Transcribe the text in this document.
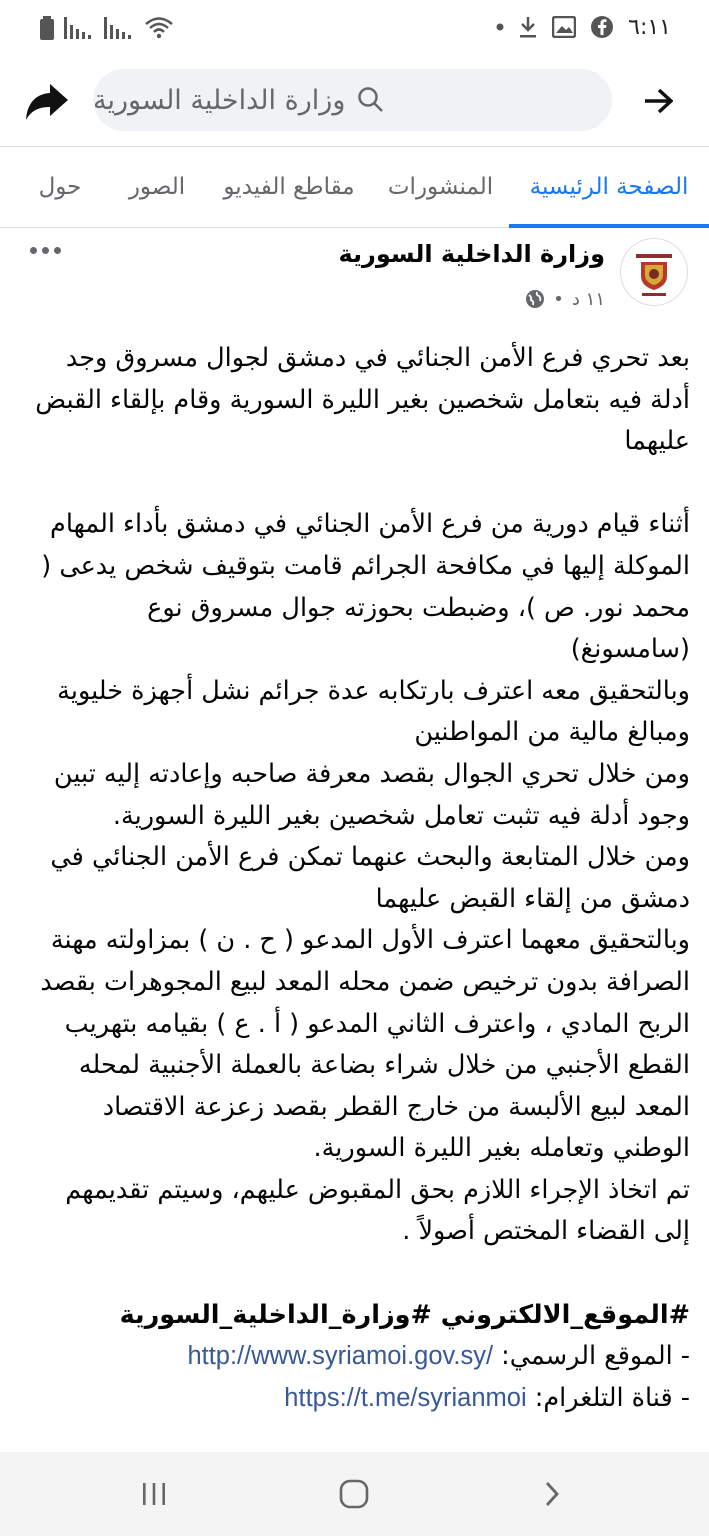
٦:١١
وزارة الداخلية السورية
الصفحة الرئيسية
المنشورات
مقاطع الفيديو
الصور
حول
وزارة الداخلية السورية
١١ د
•

بعد تحري فرع الأمن الجنائي في دمشق لجوال مسروق وجد أدلة فيه بتعامل شخصين بغير الليرة السورية وقام بإلقاء القبض عليهما

أثناء قيام دورية من فرع الأمن الجنائي في دمشق بأداء المهام الموكلة إليها في مكافحة الجرائم قامت بتوقيف شخص يدعى ( محمد نور. ص )، وضبطت بحوزته جوال مسروق نوع (سامسونغ)

وبالتحقيق معه اعترف بارتكابه عدة جرائم نشل أجهزة خليوية ومبالغ مالية من المواطنين

ومن خلال تحري الجوال بقصد معرفة صاحبه وإعادته إليه تبين وجود أدلة فيه تثبت تعامل شخصين بغير الليرة السورية.

ومن خلال المتابعة والبحث عنهما تمكن فرع الأمن الجنائي في دمشق من إلقاء القبض عليهما

وبالتحقيق معهما اعترف الأول المدعو ( ح . ن ) بمزاولته مهنة الصرافة بدون ترخيص ضمن محله المعد لبيع المجوهرات بقصد الربح المادي ، واعترف الثاني المدعو ( أ . ع ) بقيامه بتهريب القطع الأجنبي من خلال شراء بضاعة بالعملة الأجنبية لمحله المعد لبيع الألبسة من خارج القطر بقصد زعزعة الاقتصاد الوطني وتعامله بغير الليرة السورية.

تم اتخاذ الإجراء اللازم بحق المقبوض عليهم، وسيتم تقديمهم إلى القضاء المختص أصولاً .

#الموقع_الالكتروني #وزارة_الداخلية_السورية

- الموقع الرسمي: http://www.syriamoi.gov.sy/

- قناة التلغرام: https://t.me/syrianmoi
